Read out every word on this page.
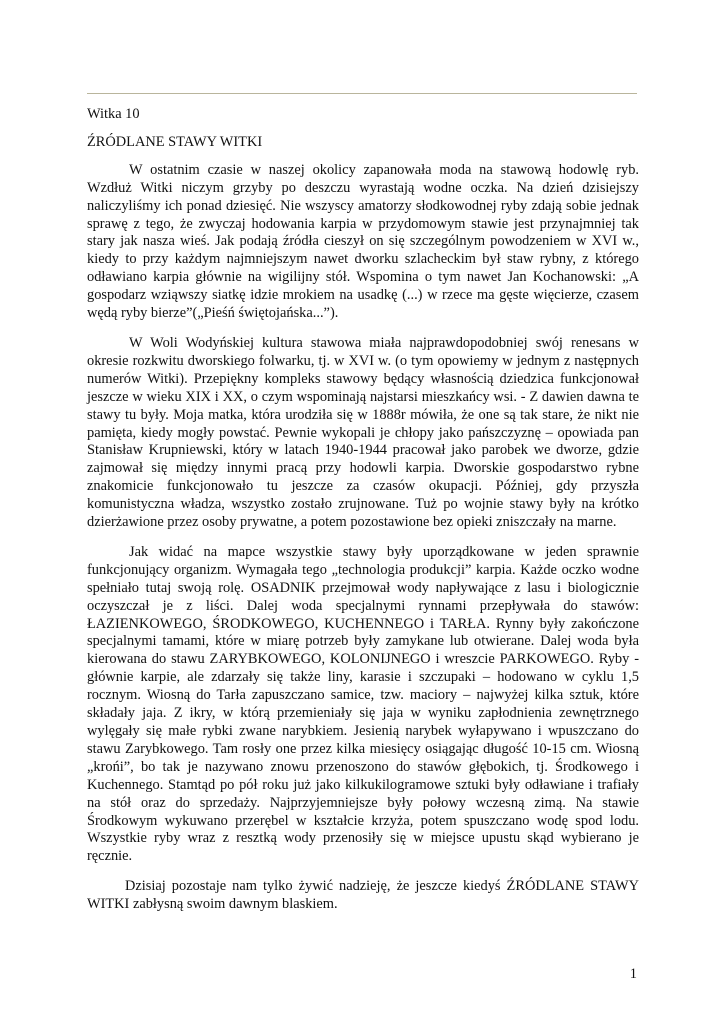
Witka 10
ŹRÓDLANE STAWY WITKI

W ostatnim czasie w naszej okolicy zapanowała moda na stawową hodowlę ryb. Wzdłuż Witki niczym grzyby po deszczu wyrastają wodne oczka. Na dzień dzisiejszy naliczyliśmy ich ponad dziesięć. Nie wszyscy amatorzy słodkowodnej ryby zdają sobie jednak sprawę z tego, że zwyczaj hodowania karpia w przydomowym stawie jest przynajmniej tak stary jak nasza wieś. Jak podają źródła cieszył on się szczególnym powodzeniem w XVI w., kiedy to przy każdym najmniejszym nawet dworku szlacheckim był staw rybny, z którego odławiano karpia głównie na wigilijny stół. Wspomina o tym nawet Jan Kochanowski: „A gospodarz wziąwszy siatkę idzie mrokiem na usadkę (...) w rzece ma gęste więcierze, czasem wędą ryby bierze”(„Pieśń świętojańska...”).

W Woli Wodyńskiej kultura stawowa miała najprawdopodobniej swój renesans w okresie rozkwitu dworskiego folwarku, tj. w XVI w. (o tym opowiemy w jednym z następnych numerów Witki). Przepiękny kompleks stawowy będący własnością dziedzica funkcjonował jeszcze w wieku XIX i XX, o czym wspominają najstarsi mieszkańcy wsi. - Z dawien dawna te stawy tu były. Moja matka, która urodziła się w 1888r mówiła, że one są tak stare, że nikt nie pamięta, kiedy mogły powstać. Pewnie wykopali je chłopy jako pańszczyznę – opowiada pan Stanisław Krupniewski, który w latach 1940-1944 pracował jako parobek we dworze, gdzie zajmował się między innymi pracą przy hodowli karpia. Dworskie gospodarstwo rybne znakomicie funkcjonowało tu jeszcze za czasów okupacji. Później, gdy przyszła komunistyczna władza, wszystko zostało zrujnowane. Tuż po wojnie stawy były na krótko dzierżawione przez osoby prywatne, a potem pozostawione bez opieki zniszczały na marne.

Jak widać na mapce wszystkie stawy były uporządkowane w jeden sprawnie funkcjonujący organizm. Wymagała tego „technologia produkcji” karpia. Każde oczko wodne spełniało tutaj swoją rolę. OSADNIK przejmował wody napływające z lasu i biologicznie oczyszczał je z liści. Dalej woda specjalnymi rynnami przepływała do stawów: ŁAZIENKOWEGO, ŚRODKOWEGO, KUCHENNEGO i TARŁA. Rynny były zakończone specjalnymi tamami, które w miarę potrzeb były zamykane lub otwierane. Dalej woda była kierowana do stawu ZARYBKOWEGO, KOLONIJNEGO i wreszcie PARKOWEGO. Ryby - głównie karpie, ale zdarzały się także liny, karasie i szczupaki – hodowano w cyklu 1,5 rocznym. Wiosną do Tarła zapuszczano samice, tzw. maciory – najwyżej kilka sztuk, które składały jaja. Z ikry, w którą przemieniały się jaja w wyniku zapłodnienia zewnętrznego wylęgały się małe rybki zwane narybkiem. Jesienią narybek wyłapywano i wpuszczano do stawu Zarybkowego. Tam rosły one przez kilka miesięcy osiągając długość 10-15 cm. Wiosną „krońi”, bo tak je nazywano znowu przenoszono do stawów głębokich, tj. Środkowego i Kuchennego. Stamtąd po pół roku już jako kilkukilogramowe sztuki były odławiane i trafiały na stół oraz do sprzedaży. Najprzyjemniejsze były połowy wczesną zimą. Na stawie Środkowym wykuwano przerębel w kształcie krzyża, potem spuszczano wodę spod lodu. Wszystkie ryby wraz z resztką wody przenosiły się w miejsce upustu skąd wybierano je ręcznie.

Dzisiaj pozostaje nam tylko żywić nadzieję, że jeszcze kiedyś ŹRÓDLANE STAWY WITKI zabłysną swoim dawnym blaskiem.

1
